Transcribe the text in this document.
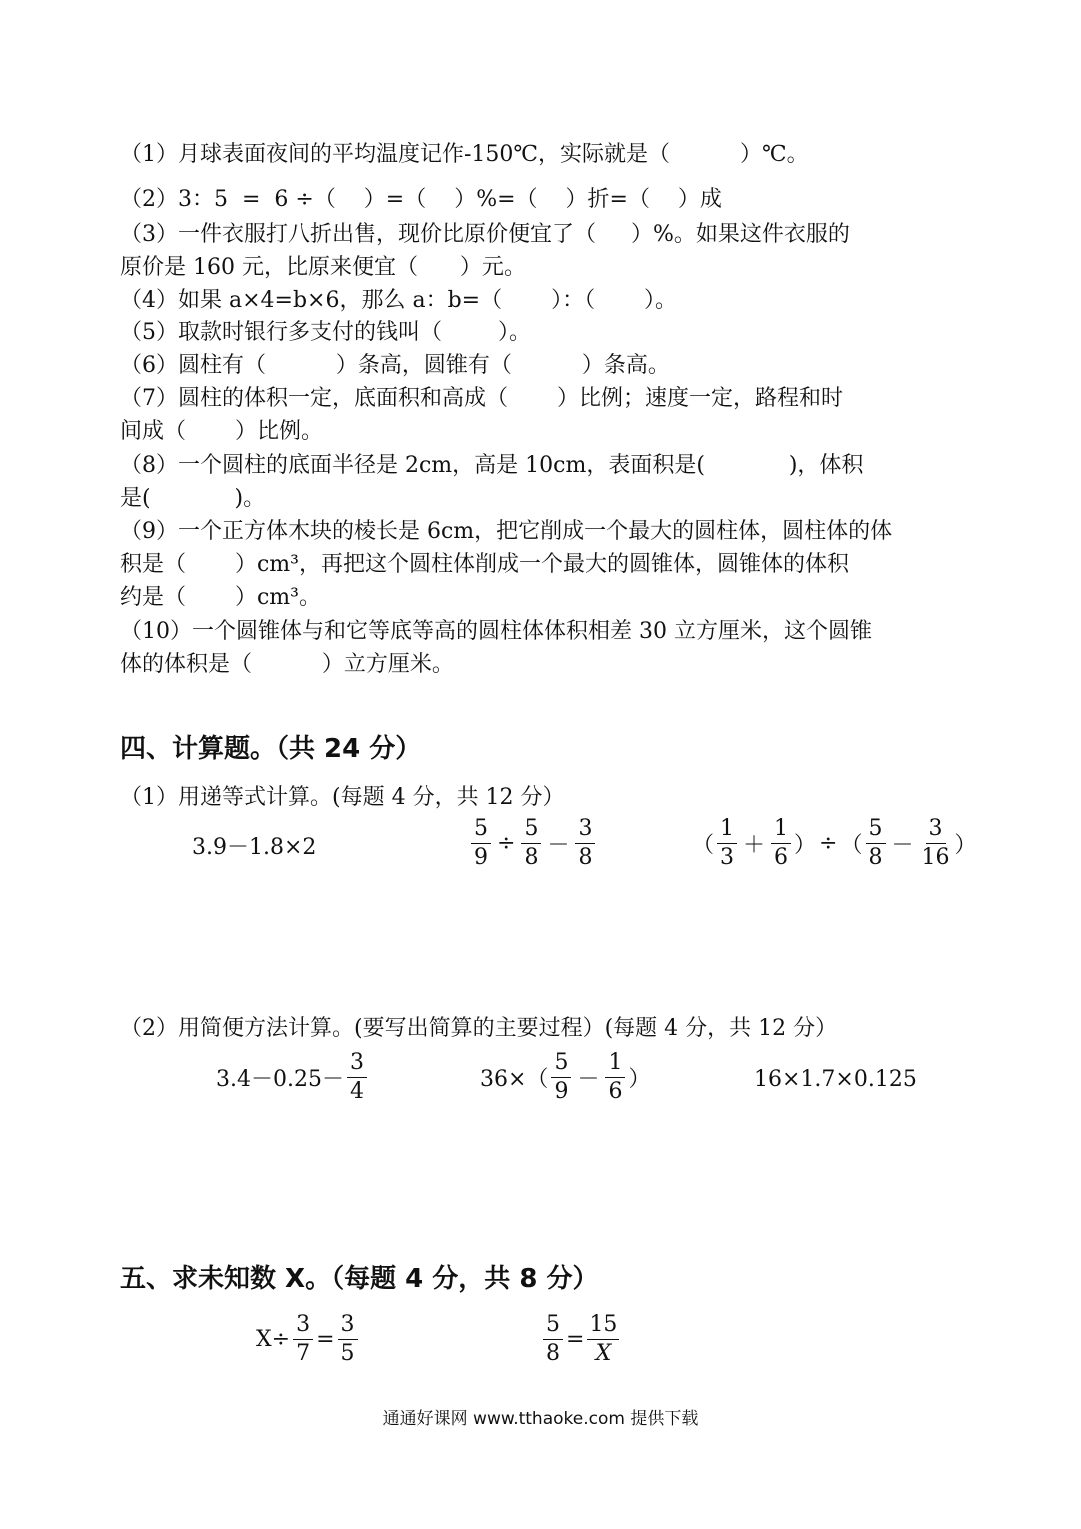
（1）月球表面夜间的平均温度记作-150℃，实际就是（          ）℃。
（2）3：5  =  6 ÷（    ）=（    ）%=（    ）折=（    ）成
（3）一件衣服打八折出售，现价比原价便宜了（     ）%。如果这件衣服的
原价是 160 元，比原来便宜（      ）元。
（4）如果 a×4=b×6，那么 a：b=（       ）：（       ）。
（5）取款时银行多支付的钱叫（        ）。
（6）圆柱有（          ）条高，圆锥有（          ）条高。
（7）圆柱的体积一定，底面积和高成（       ）比例；速度一定，路程和时
间成（       ）比例。
（8）一个圆柱的底面半径是 2cm，高是 10cm，表面积是(            )，体积
是(            )。
（9）一个正方体木块的棱长是 6cm，把它削成一个最大的圆柱体，圆柱体的体
积是（       ）cm³，再把这个圆柱体削成一个最大的圆锥体，圆锥体的体积
约是（       ）cm³。
（10）一个圆锥体与和它等底等高的圆柱体体积相差 30 立方厘米，这个圆锥
体的体积是（          ）立方厘米。
四、计算题。（共 24 分）
（1）用递等式计算。(每题 4 分，共 12 分）
3.9－1.8×2	$\frac{5}{9} \div \frac{5}{8} - \frac{3}{8}$	（ $\frac{1}{3} + \frac{1}{6}$ ） ÷ （ $\frac{5}{8} - \frac{3}{16}$ ）
（2）用简便方法计算。(要写出简算的主要过程）(每题 4 分，共 12 分）
$3.4-0.25- \frac{3}{4}$	$36\times( \frac{5}{9} - \frac{1}{6}$ ）	16×1.7×0.125
五、求未知数 X。（每题 4 分，共 8 分）
$X\div \frac{3}{7} = \frac{3}{5}$	$\frac{5}{8} = \frac{15}{X}$
通通好课网 www.tthaoke.com 提供下载
